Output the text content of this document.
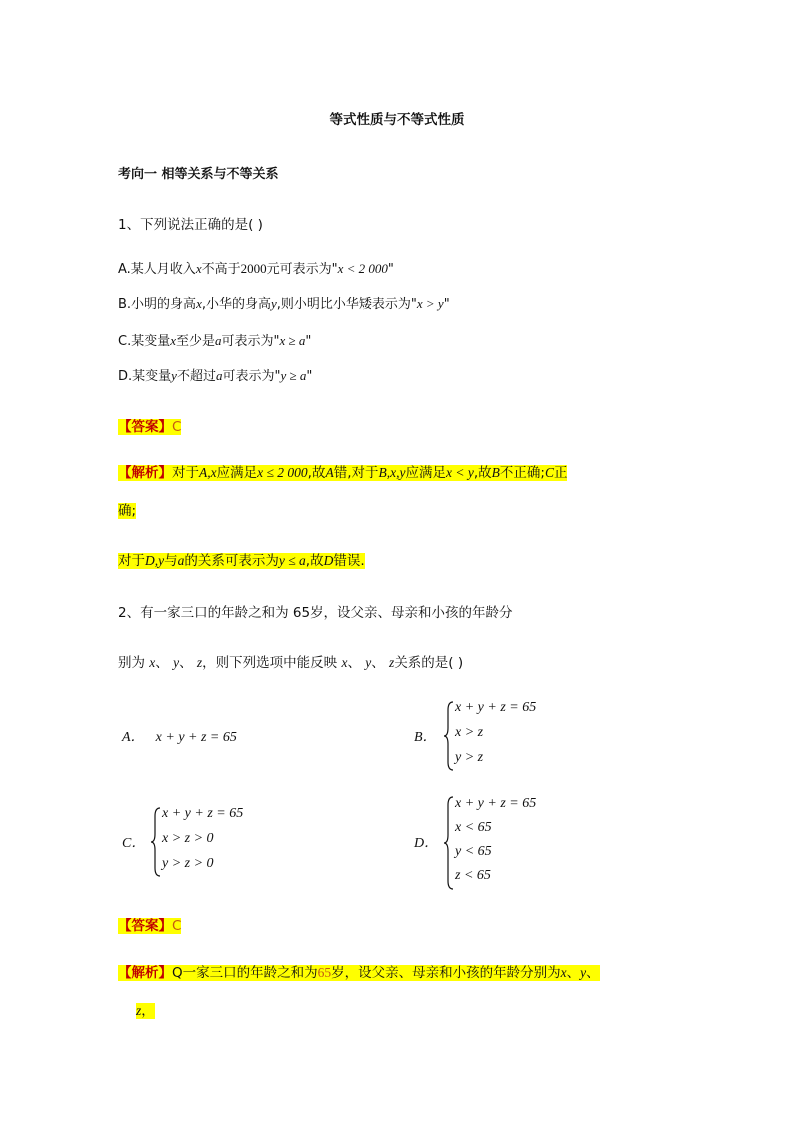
等式性质与不等式性质
考向一 相等关系与不等关系
1、下列说法正确的是( )
A.某人月收入x不高于2000元可表示为"x < 2 000"
B.小明的身高x,小华的身高y,则小明比小华矮表示为"x > y"
C.某变量x至少是a可表示为"x ≥ a"
D.某变量y不超过a可表示为"y ≥ a"
【答案】C
【解析】对于A,x应满足x ≤ 2 000,故A错,对于B,x,y应满足x < y,故B不正确;C正
确;
对于D,y与a的关系可表示为y ≤ a,故D错误.
2、有一家三口的年龄之和为 65岁，设父亲、母亲和小孩的年龄分
别为 x、 y、 z，则下列选项中能反映 x、 y、 z关系的是( )
A． x + y + z = 65	B．
x + y + z = 65
x > z
y > z
C．
x + y + z = 65
x > z > 0
y > z > 0
D．
x + y + z = 65
x < 65
y < 65
z < 65
【答案】C
【解析】Q一家三口的年龄之和为65岁，设父亲、母亲和小孩的年龄分别为x、y、
z，
